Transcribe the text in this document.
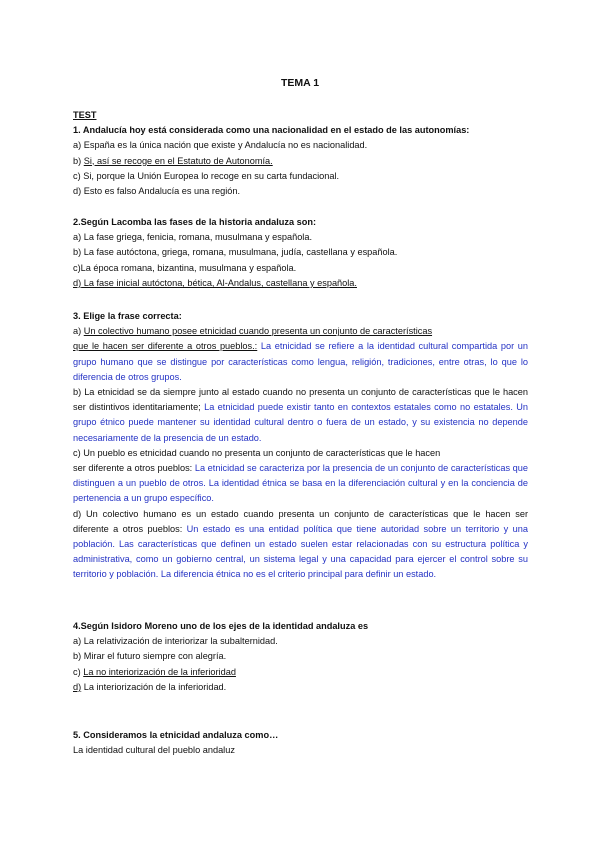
TEMA 1

TEST

1. Andalucía hoy está considerada como una nacionalidad en el estado de las autonomías:

a) España es la única nación que existe y Andalucía no es nacionalidad.

b) Si, así se recoge en el Estatuto de Autonomía.

c) Si, porque la Unión Europea lo recoge en su carta fundacional.

d) Esto es falso Andalucía es una región.

2.Según Lacomba las fases de la historia andaluza son:

a) La fase griega, fenicia, romana, musulmana y española.

b) La fase autóctona, griega, romana, musulmana, judía, castellana y española.

c)La época romana, bizantina, musulmana y española.

d) La fase inicial autóctona, bética, Al-Andalus, castellana y española.

3. Elige la frase correcta:

a) Un colectivo humano posee etnicidad cuando presenta un conjunto de características

que le hacen ser diferente a otros pueblos.: La etnicidad se refiere a la identidad cultural compartida por un grupo humano que se distingue por características como lengua, religión, tradiciones, entre otras, lo que lo diferencia de otros grupos.

b) La etnicidad se da siempre junto al estado cuando no presenta un conjunto de características que le hacen ser distintivos identitariamente; La etnicidad puede existir tanto en contextos estatales como no estatales. Un grupo étnico puede mantener su identidad cultural dentro o fuera de un estado, y su existencia no depende necesariamente de la presencia de un estado.

c) Un pueblo es etnicidad cuando no presenta un conjunto de características que le hacen

ser diferente a otros pueblos: La etnicidad se caracteriza por la presencia de un conjunto de características que distinguen a un pueblo de otros. La identidad étnica se basa en la diferenciación cultural y en la conciencia de pertenencia a un grupo específico.

d) Un colectivo humano es un estado cuando presenta un conjunto de características que le hacen ser diferente a otros pueblos: Un estado es una entidad política que tiene autoridad sobre un territorio y una población. Las características que definen un estado suelen estar relacionadas con su estructura política y administrativa, como un gobierno central, un sistema legal y una capacidad para ejercer el control sobre su territorio y población. La diferencia étnica no es el criterio principal para definir un estado.

4.Según Isidoro Moreno uno de los ejes de la identidad andaluza es

a) La relativización de interiorizar la subalternidad.

b) Mirar el futuro siempre con alegría.

c) La no interiorización de la inferioridad

d) La interiorización de la inferioridad.

5. Consideramos la etnicidad andaluza como…

La identidad cultural del pueblo andaluz
